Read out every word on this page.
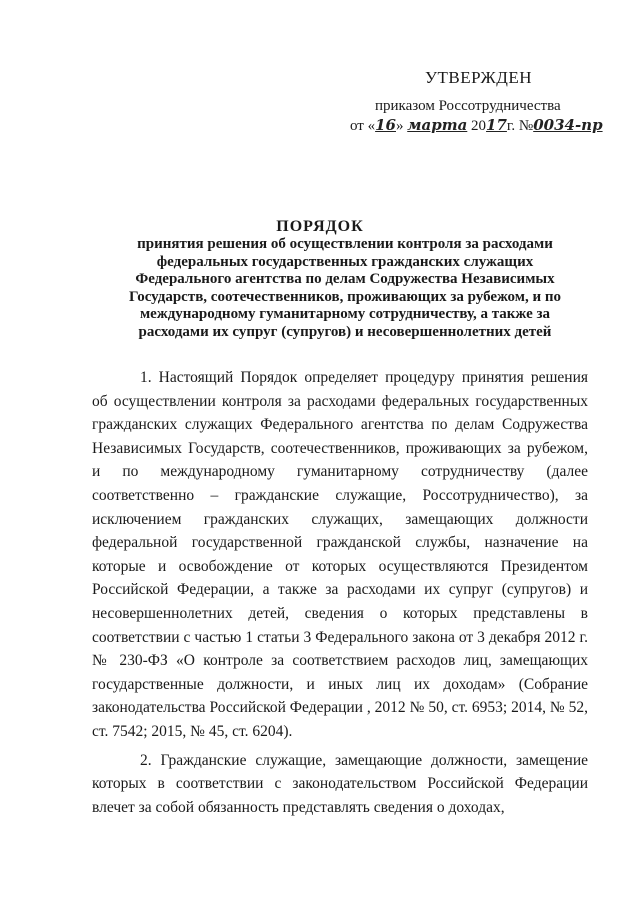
УТВЕРЖДЕН
приказом Россотрудничества
от «16» марта 2017г. №0034-пр
ПОРЯДОК
принятия решения об осуществлении контроля за расходами федеральных государственных гражданских служащих Федерального агентства по делам Содружества Независимых Государств, соотечественников, проживающих за рубежом, и по международному гуманитарному сотрудничеству, а также за расходами их супруг (супругов) и несовершеннолетних детей

1. Настоящий Порядок определяет процедуру принятия решения об осуществлении контроля за расходами федеральных государственных гражданских служащих Федерального агентства по делам Содружества Независимых Государств, соотечественников, проживающих за рубежом, и по международному гуманитарному сотрудничеству (далее соответственно – гражданские служащие, Россотрудничество), за исключением гражданских служащих, замещающих должности федеральной государственной гражданской службы, назначение на которые и освобождение от которых осуществляются Президентом Российской Федерации, а также за расходами их супруг (супругов) и несовершеннолетних детей, сведения о которых представлены в соответствии с частью 1 статьи 3 Федерального закона от 3 декабря 2012 г. № 230-ФЗ «О контроле за соответствием расходов лиц, замещающих государственные должности, и иных лиц их доходам» (Собрание законодательства Российской Федерации , 2012 № 50, ст. 6953; 2014, № 52, ст. 7542; 2015, № 45, ст. 6204).

2. Гражданские служащие, замещающие должности, замещение которых в соответствии с законодательством Российской Федерации влечет за собой обязанность представлять сведения о доходах,
